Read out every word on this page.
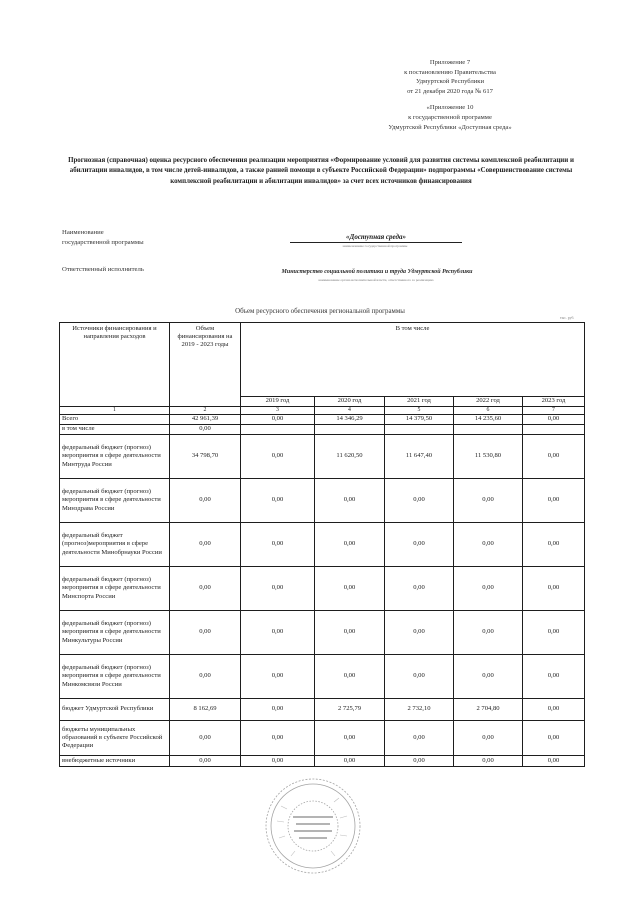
Приложение 7
к постановлению Правительства
Удмуртской Республики
от 21 декабря 2020 года № 617
«Приложение 10
к государственной программе
Удмуртской Республики «Доступная среда»
Прогнозная (справочная) оценка ресурсного обеспечения реализации мероприятия «Формирование условий для развития системы комплексной реабилитации и абилитации инвалидов, в том числе детей-инвалидов, а также ранней помощи в субъекте Российской Федерации» подпрограммы «Совершенствование системы комплексной реабилитации и абилитации инвалидов» за счет всех источников финансирования
Наименование
государственной программы
«Доступная среда»
наименование государственной программы
Ответственный исполнитель	Министерство социальной политики и труда Удмуртской Республики
наименование органа исполнительной власти, ответственного за реализацию
Объем ресурсного обеспечения региональной программы
тыс. руб.
Источники финансирования и направления расходов	Объем финансирования на 2019 - 2023 годы	В том числе				
		2019 год	2020 год	2021 год	2022 год	2023 год
1	2	3	4	5	6	7
Всего	42 961,39	0,00	14 346,29	14 379,50	14 235,60	0,00
в том числе	0,00					
федеральный бюджет (прогноз) мероприятия в сфере деятельности Минтруда России	34 798,70	0,00	11 620,50	11 647,40	11 530,80	0,00
федеральный бюджет (прогноз) мероприятия в сфере деятельности Минздрава России	0,00	0,00	0,00	0,00	0,00	0,00
федеральный бюджет (прогноз)мероприятия в сфере деятельности Минобрнауки России	0,00	0,00	0,00	0,00	0,00	0,00
федеральный бюджет (прогноз) мероприятия в сфере деятельности Минспорта России	0,00	0,00	0,00	0,00	0,00	0,00
федеральный бюджет (прогноз) мероприятия в сфере деятельности Минкультуры России	0,00	0,00	0,00	0,00	0,00	0,00
федеральный бюджет (прогноз) мероприятия в сфере деятельности Минкомсвязи России	0,00	0,00	0,00	0,00	0,00	0,00
бюджет Удмуртской Республики	8 162,69	0,00	2 725,79	2 732,10	2 704,80	0,00
бюджеты муниципальных образований в субъекте Российской Федерации	0,00	0,00	0,00	0,00	0,00	0,00
внебюджетные источники	0,00	0,00	0,00	0,00	0,00	0,00
